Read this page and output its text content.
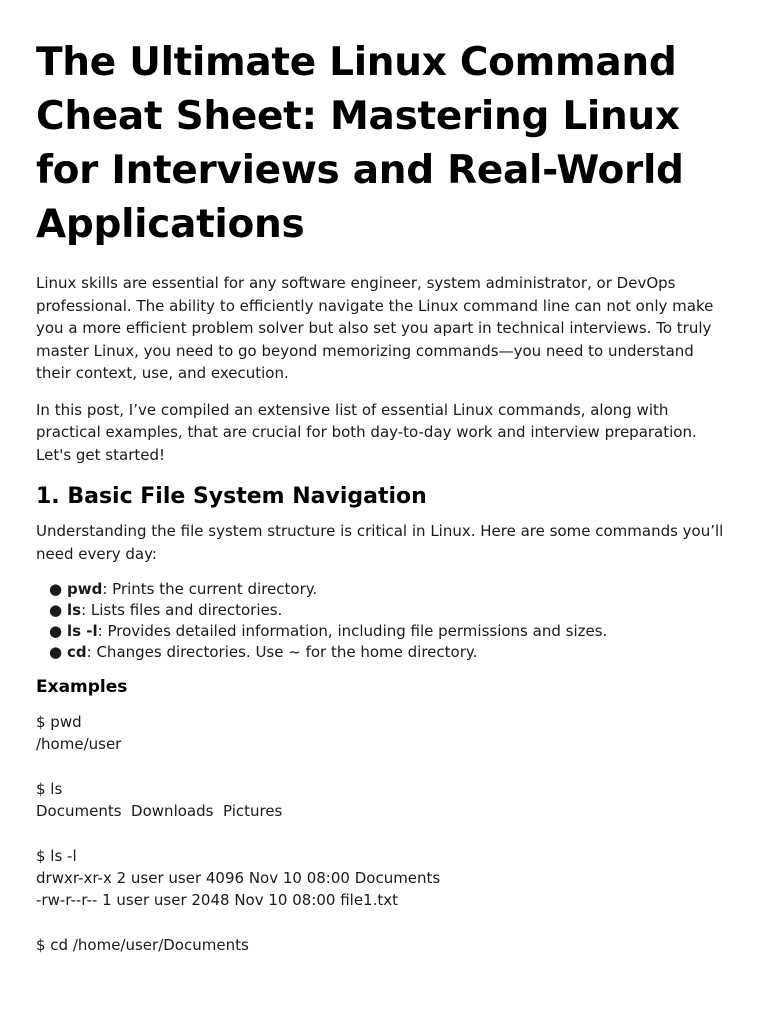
The Ultimate Linux Command Cheat Sheet: Mastering Linux for Interviews and Real-World Applications

Linux skills are essential for any software engineer, system administrator, or DevOps professional. The ability to efficiently navigate the Linux command line can not only make you a more efficient problem solver but also set you apart in technical interviews. To truly master Linux, you need to go beyond memorizing commands—you need to understand their context, use, and execution.

In this post, I’ve compiled an extensive list of essential Linux commands, along with practical examples, that are crucial for both day-to-day work and interview preparation. Let's get started!

1. Basic File System Navigation

Understanding the file system structure is critical in Linux. Here are some commands you’ll need every day:

● pwd: Prints the current directory.
● ls: Lists files and directories.
● ls -l: Provides detailed information, including file permissions and sizes.
● cd: Changes directories. Use ~ for the home directory.
Examples
$ pwd
/home/user

$ ls
Documents  Downloads  Pictures

$ ls -l
drwxr-xr-x 2 user user 4096 Nov 10 08:00 Documents
-rw-r--r-- 1 user user 2048 Nov 10 08:00 file1.txt

$ cd /home/user/Documents
